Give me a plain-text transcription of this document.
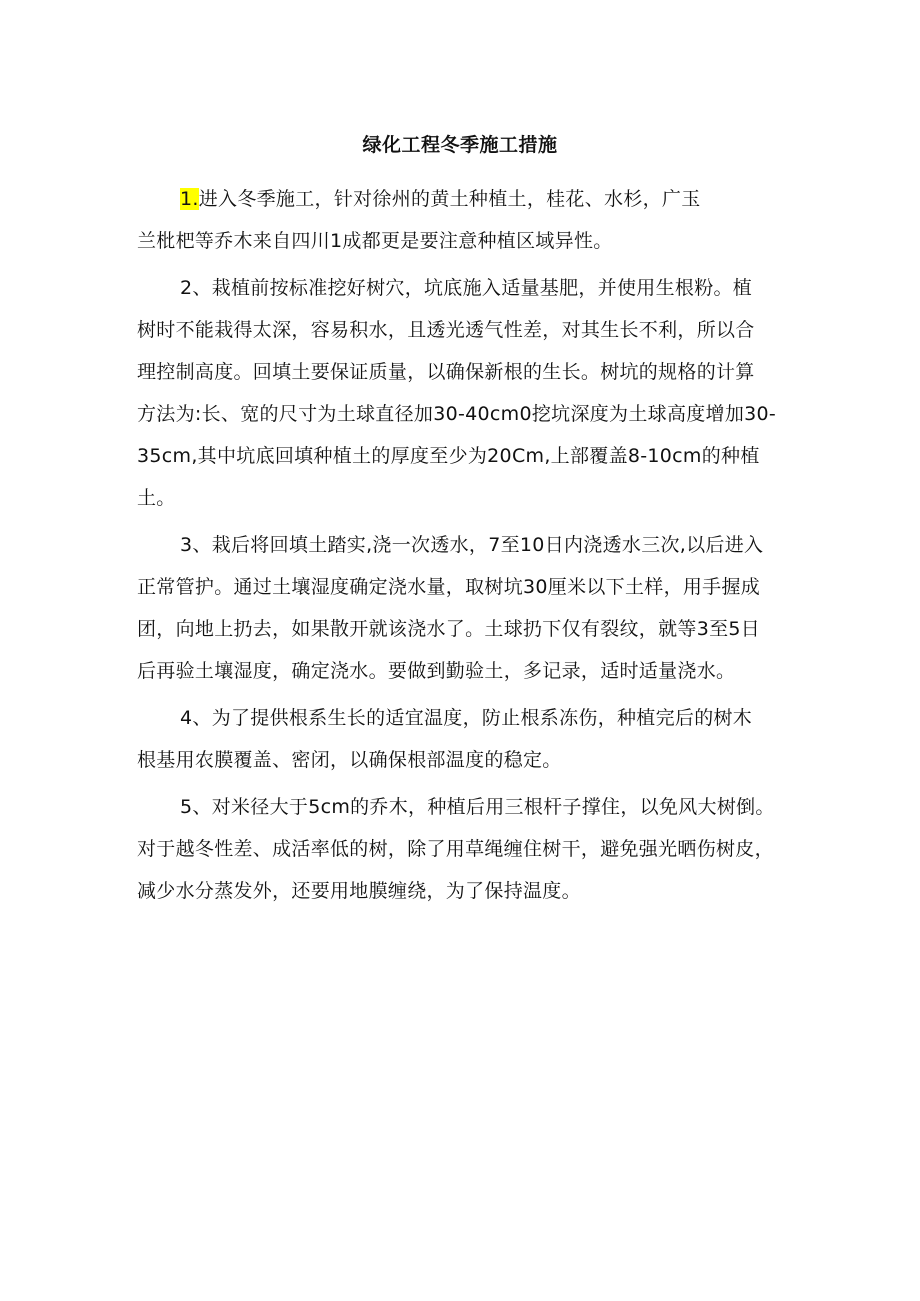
绿化工程冬季施工措施
1.进入冬季施工，针对徐州的黄土种植土，桂花、水杉，广玉
兰枇杷等乔木来自四川1成都更是要注意种植区域异性。
2、栽植前按标准挖好树穴，坑底施入适量基肥，并使用生根粉。植
树时不能栽得太深，容易积水，且透光透气性差，对其生长不利，所以合
理控制高度。回填土要保证质量，以确保新根的生长。树坑的规格的计算
方法为:长、宽的尺寸为土球直径加30-40cm0挖坑深度为土球高度增加30-
35cm,其中坑底回填种植土的厚度至少为20Cm,上部覆盖8-10cm的种植
土。
3、栽后将回填土踏实,浇一次透水，7至10日内浇透水三次,以后进入
正常管护。通过土壤湿度确定浇水量，取树坑30厘米以下土样，用手握成
团，向地上扔去，如果散开就该浇水了。土球扔下仅有裂纹，就等3至5日
后再验土壤湿度，确定浇水。要做到勤验土，多记录，适时适量浇水。
4、为了提供根系生长的适宜温度，防止根系冻伤，种植完后的树木
根基用农膜覆盖、密闭，以确保根部温度的稳定。
5、对米径大于5cm的乔木，种植后用三根杆子撑住，以免风大树倒。
对于越冬性差、成活率低的树，除了用草绳缠住树干，避免强光晒伤树皮，
减少水分蒸发外，还要用地膜缠绕，为了保持温度。
